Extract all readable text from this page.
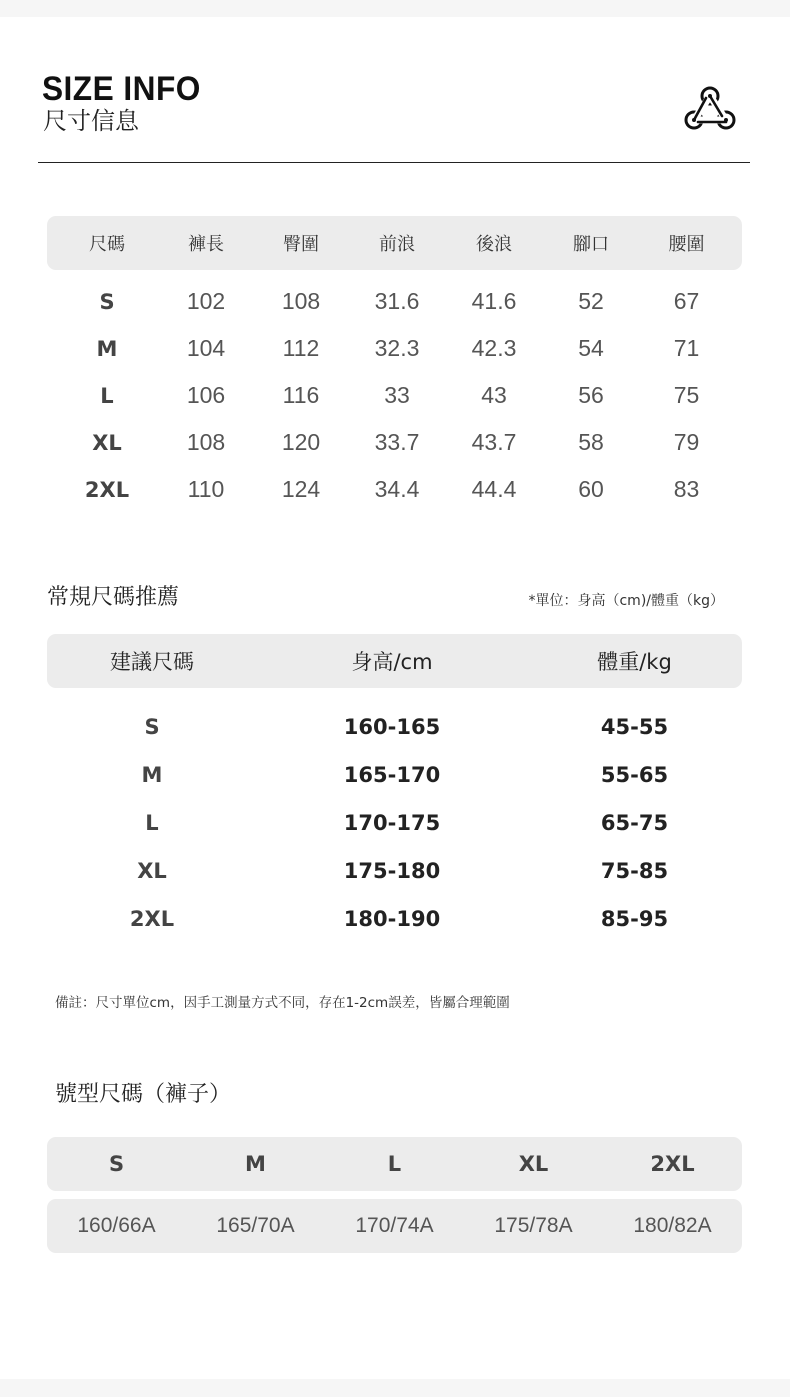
SIZE INFO
尺寸信息
尺碼	褲長	臀圍	前浪	後浪	腳口	腰圍
S	102	108	31.6	41.6	52	67
M	104	112	32.3	42.3	54	71
L	106	116	33	43	56	75
XL	108	120	33.7	43.7	58	79
2XL	110	124	34.4	44.4	60	83
常規尺碼推薦	*單位：身高（cm)/體重（kg）
建議尺碼	身高/cm	體重/kg
S	160-165	45-55
M	165-170	55-65
L	170-175	65-75
XL	175-180	75-85
2XL	180-190	85-95
備註：尺寸單位cm，因手工測量方式不同，存在1-2cm誤差，皆屬合理範圍
號型尺碼（褲子）
S	M	L	XL	2XL
160/66A	165/70A	170/74A	175/78A	180/82A
